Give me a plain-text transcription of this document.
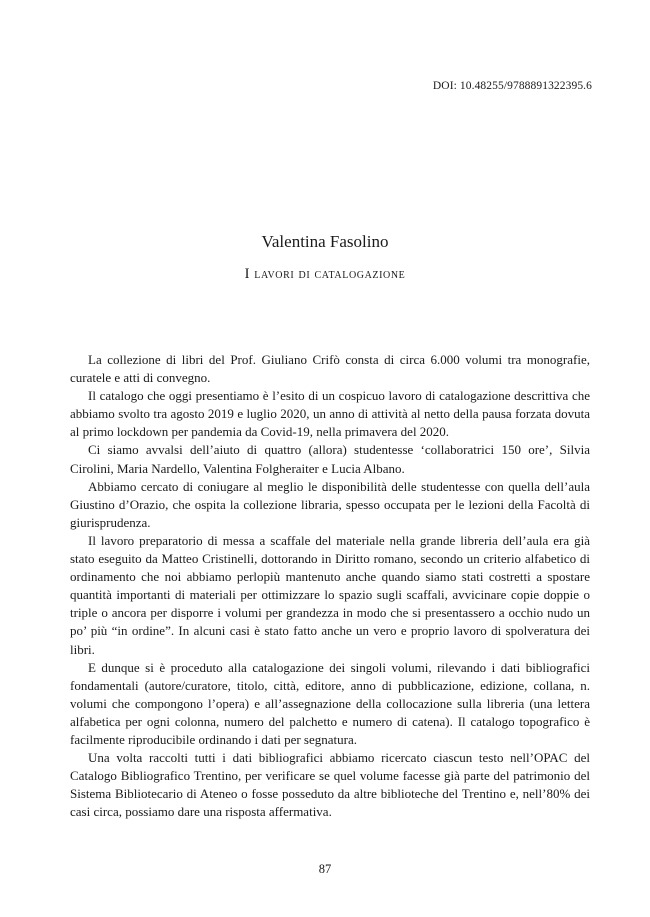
DOI: 10.48255/9788891322395.6
Valentina Fasolino
I lavori di catalogazione

La collezione di libri del Prof. Giuliano Crifò consta di circa 6.000 volumi tra monografie, curatele e atti di convegno.

Il catalogo che oggi presentiamo è l’esito di un cospicuo lavoro di catalogazione descrittiva che abbiamo svolto tra agosto 2019 e luglio 2020, un anno di attività al netto della pausa forzata dovuta al primo lockdown per pandemia da Covid-19, nella primavera del 2020.

Ci siamo avvalsi dell’aiuto di quattro (allora) studentesse ‘collaboratrici 150 ore’, Silvia Cirolini, Maria Nardello, Valentina Folgheraiter e Lucia Albano.

Abbiamo cercato di coniugare al meglio le disponibilità delle studentesse con quella dell’aula Giustino d’Orazio, che ospita la collezione libraria, spesso occupata per le lezioni della Facoltà di giurisprudenza.

Il lavoro preparatorio di messa a scaffale del materiale nella grande libreria dell’aula era già stato eseguito da Matteo Cristinelli, dottorando in Diritto romano, secondo un criterio alfabetico di ordinamento che noi abbiamo perlopiù mantenuto anche quando siamo stati costretti a spostare quantità importanti di materiali per ottimizzare lo spazio sugli scaffali, avvicinare copie doppie o triple o ancora per disporre i volumi per grandezza in modo che si presentassero a occhio nudo un po’ più “in ordine”. In alcuni casi è stato fatto anche un vero e proprio lavoro di spolveratura dei libri.

E dunque si è proceduto alla catalogazione dei singoli volumi, rilevando i dati bibliografici fondamentali (autore/curatore, titolo, città, editore, anno di pubblicazione, edizione, collana, n. volumi che compongono l’opera) e all’assegnazione della collocazione sulla libreria (una lettera alfabetica per ogni colonna, numero del palchetto e numero di catena). Il catalogo topografico è facilmente riproducibile ordinando i dati per segnatura.

Una volta raccolti tutti i dati bibliografici abbiamo ricercato ciascun testo nell’OPAC del Catalogo Bibliografico Trentino, per verificare se quel volume facesse già parte del patrimonio del Sistema Bibliotecario di Ateneo o fosse posseduto da altre biblioteche del Trentino e, nell’80% dei casi circa, possiamo dare una risposta affermativa.

87
